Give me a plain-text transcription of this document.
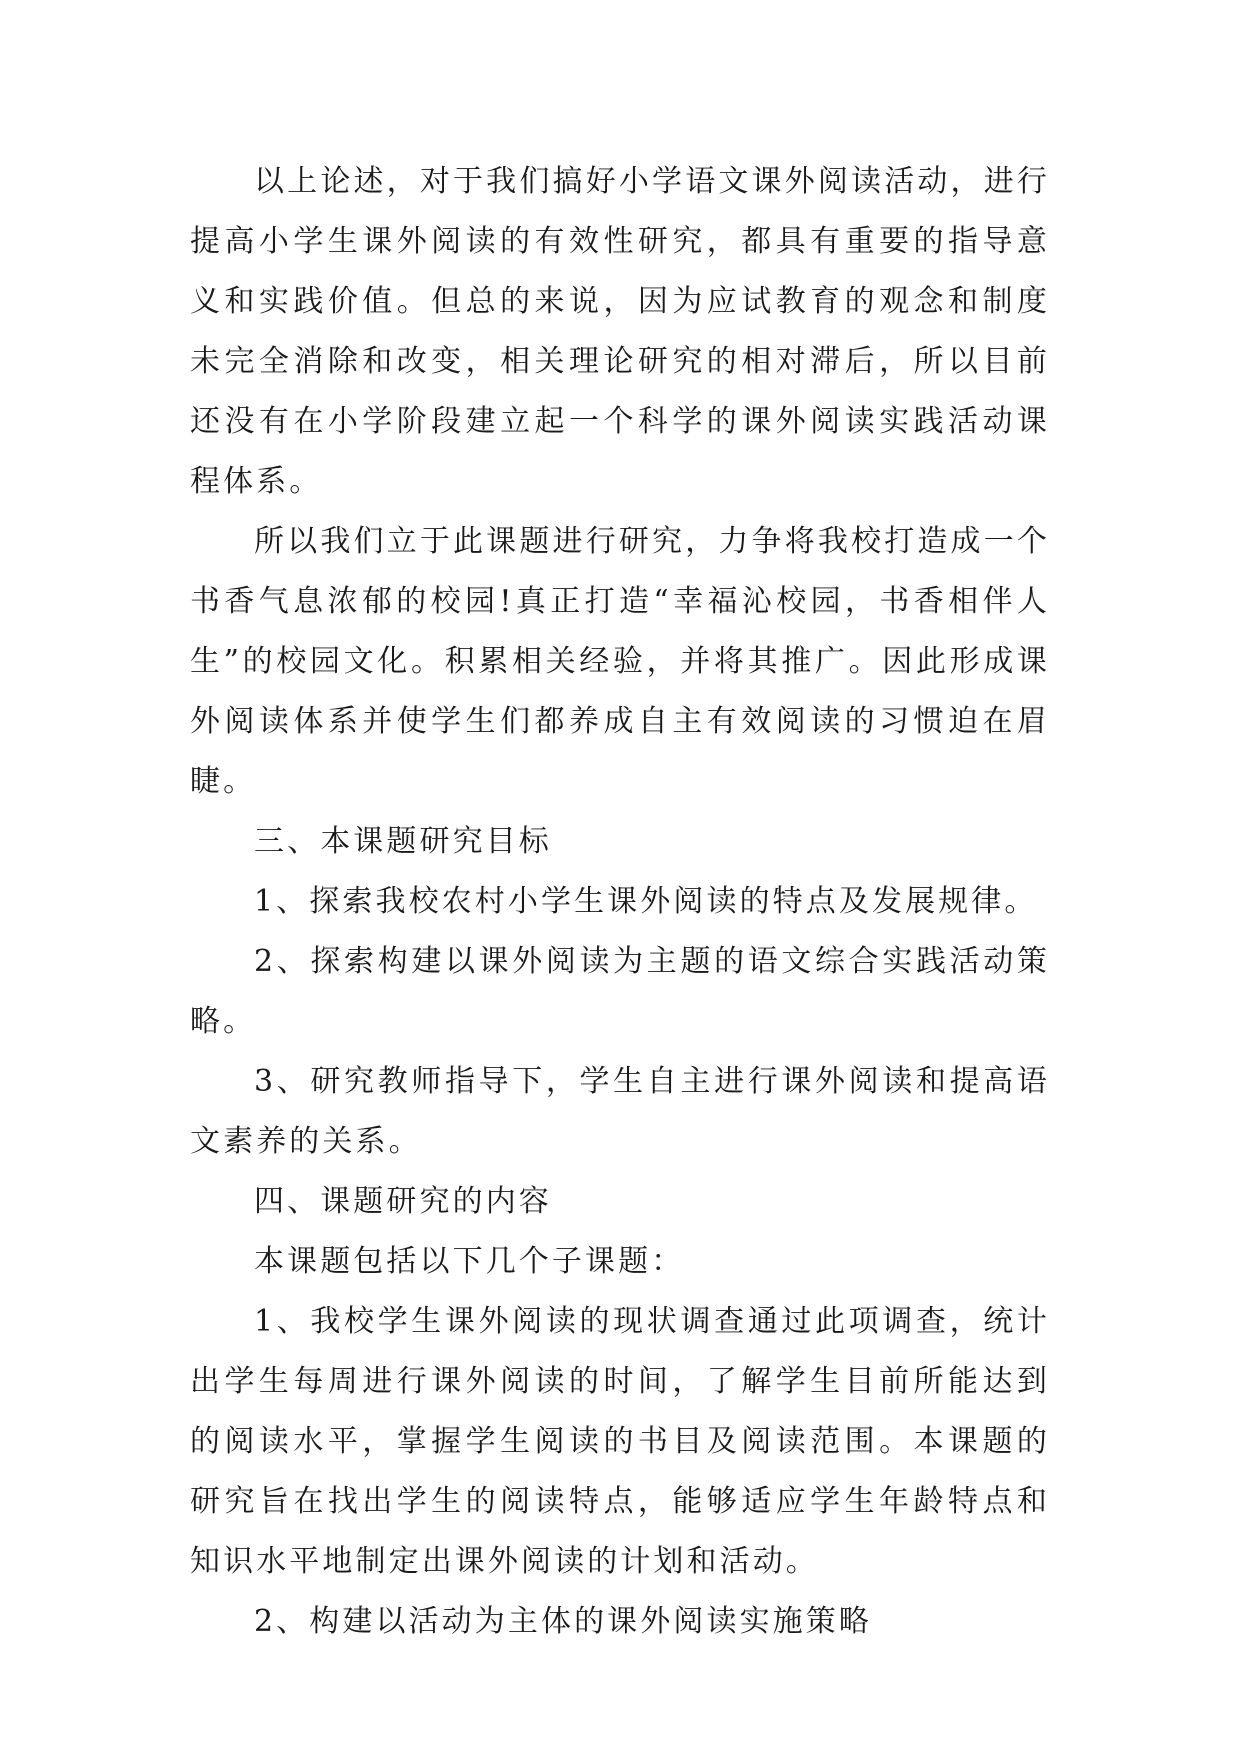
以上论述，对于我们搞好小学语文课外阅读活动，进行提高小学生课外阅读的有效性研究，都具有重要的指导意义和实践价值。但总的来说，因为应试教育的观念和制度未完全消除和改变，相关理论研究的相对滞后，所以目前还没有在小学阶段建立起一个科学的课外阅读实践活动课程体系。

所以我们立于此课题进行研究，力争将我校打造成一个书香气息浓郁的校园!真正打造“幸福沁校园，书香相伴人生”的校园文化。积累相关经验，并将其推广。因此形成课外阅读体系并使学生们都养成自主有效阅读的习惯迫在眉睫。

三、本课题研究目标

1、探索我校农村小学生课外阅读的特点及发展规律。

2、探索构建以课外阅读为主题的语文综合实践活动策略。

3、研究教师指导下，学生自主进行课外阅读和提高语文素养的关系。

四、课题研究的内容

本课题包括以下几个子课题：

1、我校学生课外阅读的现状调查通过此项调查，统计出学生每周进行课外阅读的时间，了解学生目前所能达到的阅读水平，掌握学生阅读的书目及阅读范围。本课题的研究旨在找出学生的阅读特点，能够适应学生年龄特点和知识水平地制定出课外阅读的计划和活动。

2、构建以活动为主体的课外阅读实施策略
